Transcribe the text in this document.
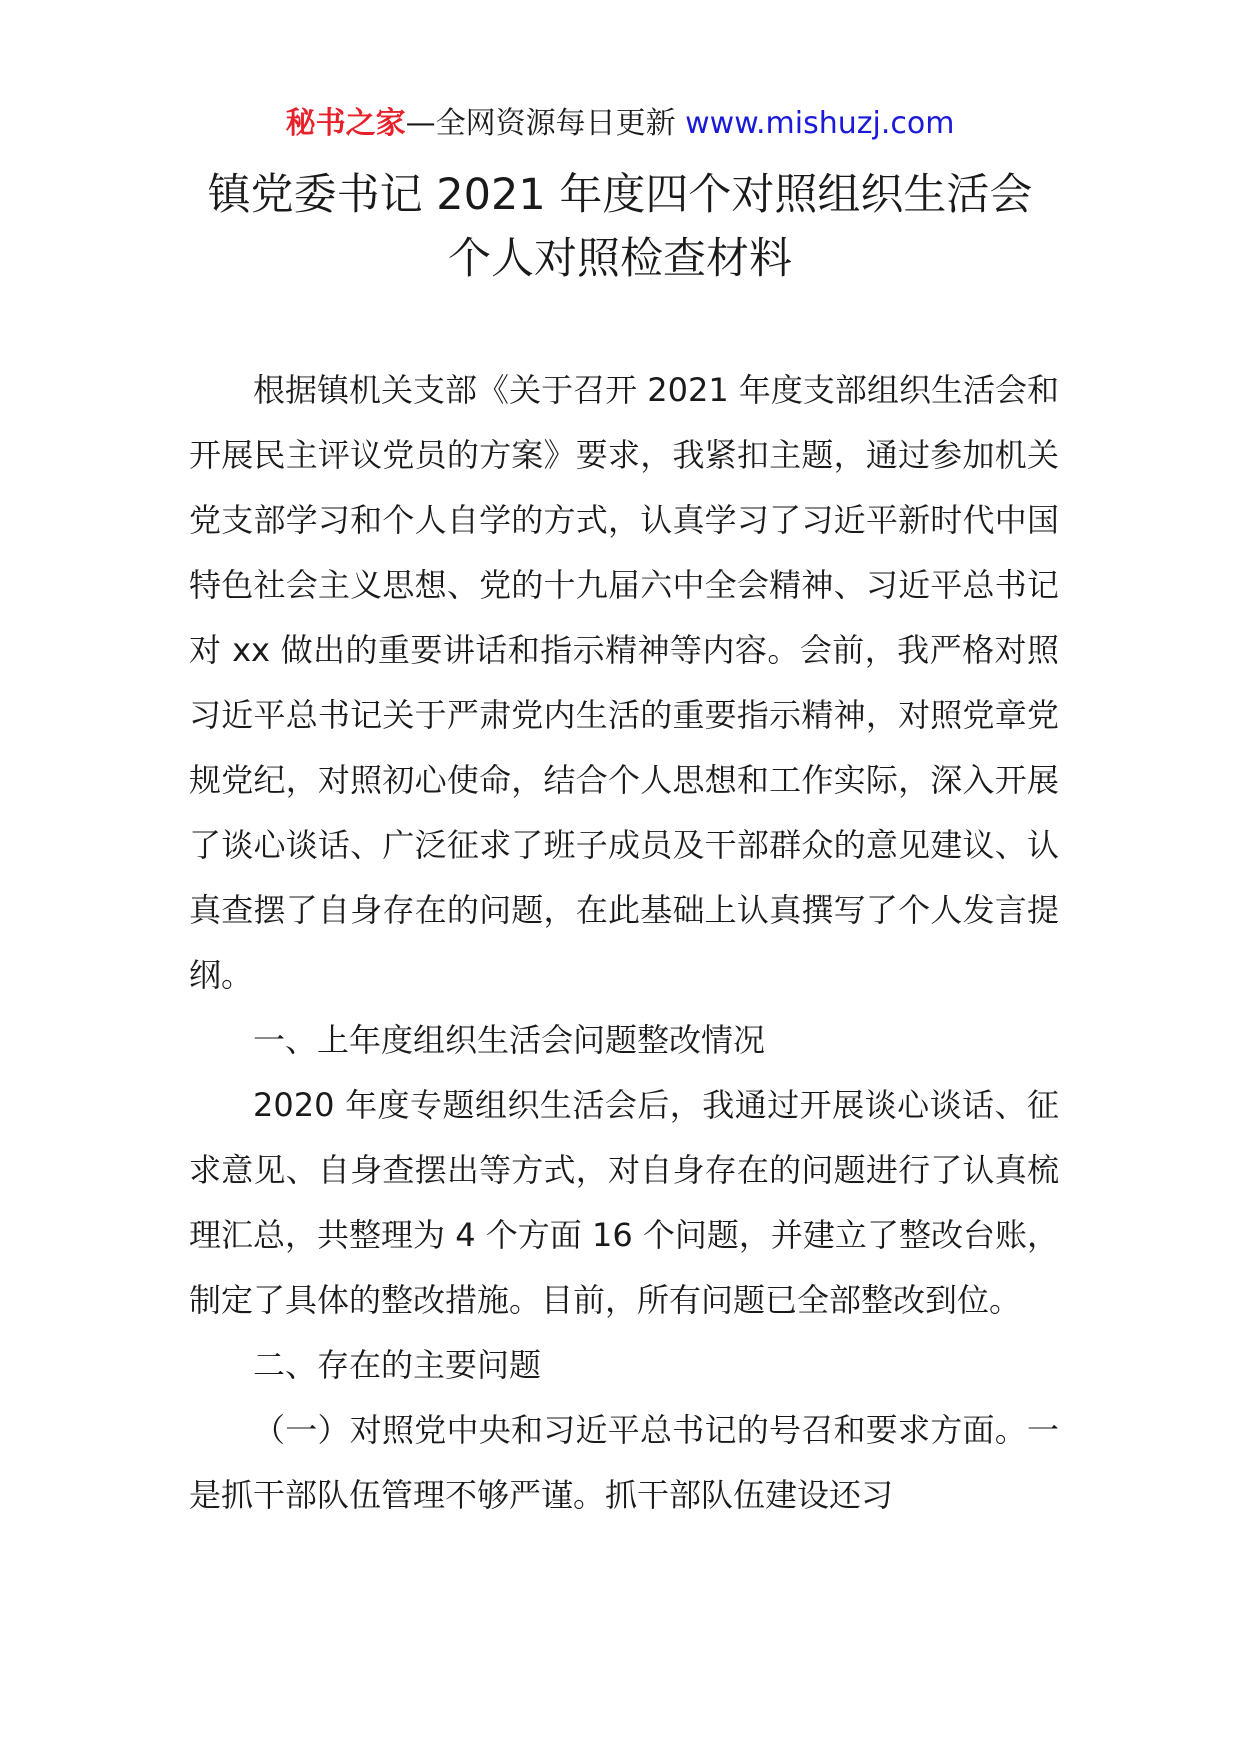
秘书之家—全网资源每日更新 www.mishuzj.com
镇党委书记 2021 年度四个对照组织生活会
个人对照检查材料

根据镇机关支部《关于召开 2021 年度支部组织生活会和开展民主评议党员的方案》要求，我紧扣主题，通过参加机关党支部学习和个人自学的方式，认真学习了习近平新时代中国特色社会主义思想、党的十九届六中全会精神、习近平总书记对 xx 做出的重要讲话和指示精神等内容。会前，我严格对照习近平总书记关于严肃党内生活的重要指示精神，对照党章党规党纪，对照初心使命，结合个人思想和工作实际，深入开展了谈心谈话、广泛征求了班子成员及干部群众的意见建议、认真查摆了自身存在的问题，在此基础上认真撰写了个人发言提纲。

一、上年度组织生活会问题整改情况

2020 年度专题组织生活会后，我通过开展谈心谈话、征求意见、自身查摆出等方式，对自身存在的问题进行了认真梳理汇总，共整理为 4 个方面 16 个问题，并建立了整改台账，制定了具体的整改措施。目前，所有问题已全部整改到位。

二、存在的主要问题

（一）对照党中央和习近平总书记的号召和要求方面。一是抓干部队伍管理不够严谨。抓干部队伍建设还习
